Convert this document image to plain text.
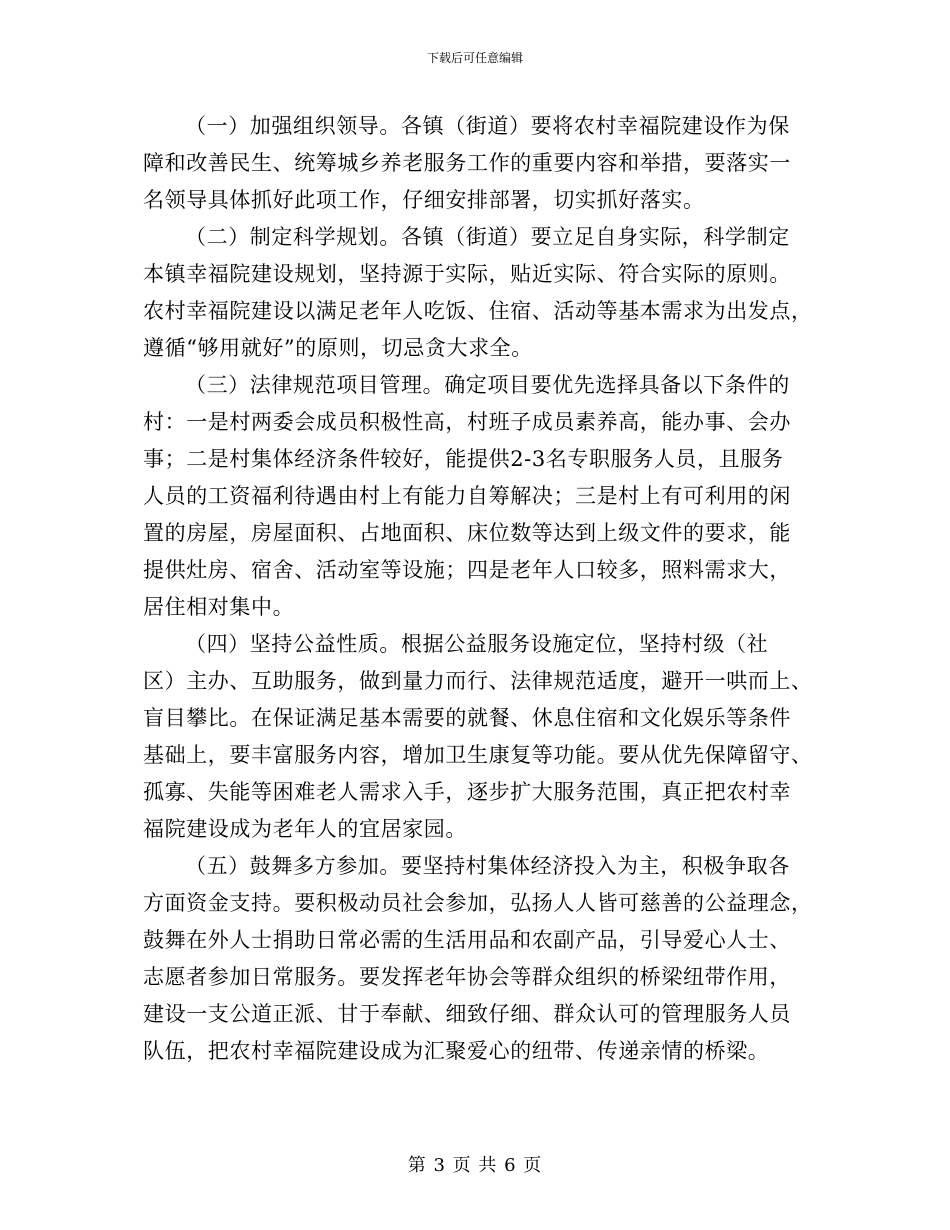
下载后可任意编辑

（一）加强组织领导。各镇（街道）要将农村幸福院建设作为保
障和改善民生、统筹城乡养老服务工作的重要内容和举措，要落实一
名领导具体抓好此项工作，仔细安排部署，切实抓好落实。

（二）制定科学规划。各镇（街道）要立足自身实际，科学制定
本镇幸福院建设规划，坚持源于实际，贴近实际、符合实际的原则。
农村幸福院建设以满足老年人吃饭、住宿、活动等基本需求为出发点，
遵循“够用就好”的原则，切忌贪大求全。

（三）法律规范项目管理。确定项目要优先选择具备以下条件的
村：一是村两委会成员积极性高，村班子成员素养高，能办事、会办
事；二是村集体经济条件较好，能提供2-3名专职服务人员，且服务
人员的工资福利待遇由村上有能力自筹解决；三是村上有可利用的闲
置的房屋，房屋面积、占地面积、床位数等达到上级文件的要求，能
提供灶房、宿舍、活动室等设施；四是老年人口较多，照料需求大，
居住相对集中。

（四）坚持公益性质。根据公益服务设施定位，坚持村级（社
区）主办、互助服务，做到量力而行、法律规范适度，避开一哄而上、
盲目攀比。在保证满足基本需要的就餐、休息住宿和文化娱乐等条件
基础上，要丰富服务内容，增加卫生康复等功能。要从优先保障留守、
孤寡、失能等困难老人需求入手，逐步扩大服务范围，真正把农村幸
福院建设成为老年人的宜居家园。

（五）鼓舞多方参加。要坚持村集体经济投入为主，积极争取各
方面资金支持。要积极动员社会参加，弘扬人人皆可慈善的公益理念，
鼓舞在外人士捐助日常必需的生活用品和农副产品，引导爱心人士、
志愿者参加日常服务。要发挥老年协会等群众组织的桥梁纽带作用，
建设一支公道正派、甘于奉献、细致仔细、群众认可的管理服务人员
队伍，把农村幸福院建设成为汇聚爱心的纽带、传递亲情的桥梁。

第 3 页 共 6 页
